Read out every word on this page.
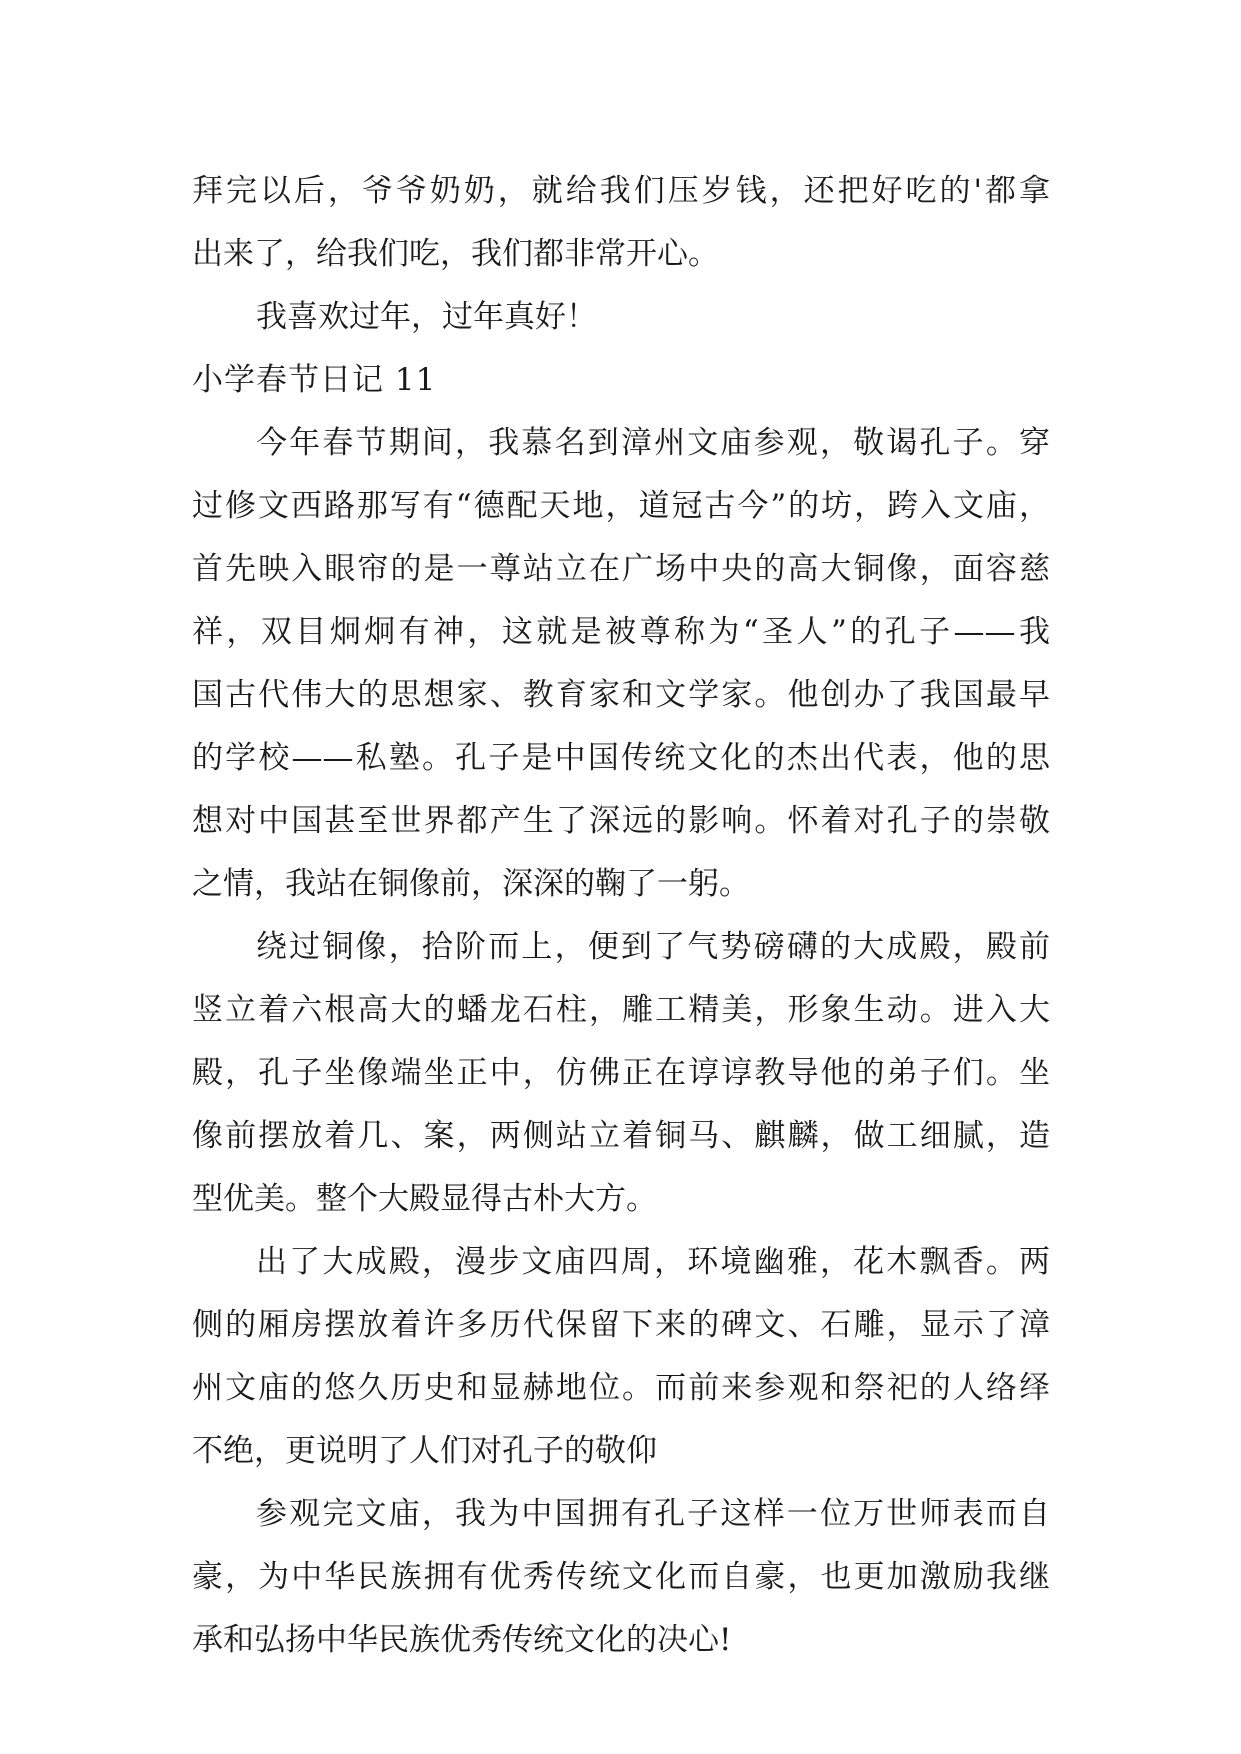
拜完以后，爷爷奶奶，就给我们压岁钱，还把好吃的'都拿
出来了，给我们吃，我们都非常开心。
我喜欢过年，过年真好！
小学春节日记 11
今年春节期间，我慕名到漳州文庙参观，敬谒孔子。穿
过修文西路那写有“德配天地，道冠古今”的坊，跨入文庙，
首先映入眼帘的是一尊站立在广场中央的高大铜像，面容慈
祥，双目炯炯有神，这就是被尊称为“圣人”的孔子——我
国古代伟大的思想家、教育家和文学家。他创办了我国最早
的学校——私塾。孔子是中国传统文化的杰出代表，他的思
想对中国甚至世界都产生了深远的影响。怀着对孔子的崇敬
之情，我站在铜像前，深深的鞠了一躬。
绕过铜像，拾阶而上，便到了气势磅礴的大成殿，殿前
竖立着六根高大的蟠龙石柱，雕工精美，形象生动。进入大
殿，孔子坐像端坐正中，仿佛正在谆谆教导他的弟子们。坐
像前摆放着几、案，两侧站立着铜马、麒麟，做工细腻，造
型优美。整个大殿显得古朴大方。
出了大成殿，漫步文庙四周，环境幽雅，花木飘香。两
侧的厢房摆放着许多历代保留下来的碑文、石雕，显示了漳
州文庙的悠久历史和显赫地位。而前来参观和祭祀的人络绎
不绝，更说明了人们对孔子的敬仰
参观完文庙，我为中国拥有孔子这样一位万世师表而自
豪，为中华民族拥有优秀传统文化而自豪，也更加激励我继
承和弘扬中华民族优秀传统文化的决心!
